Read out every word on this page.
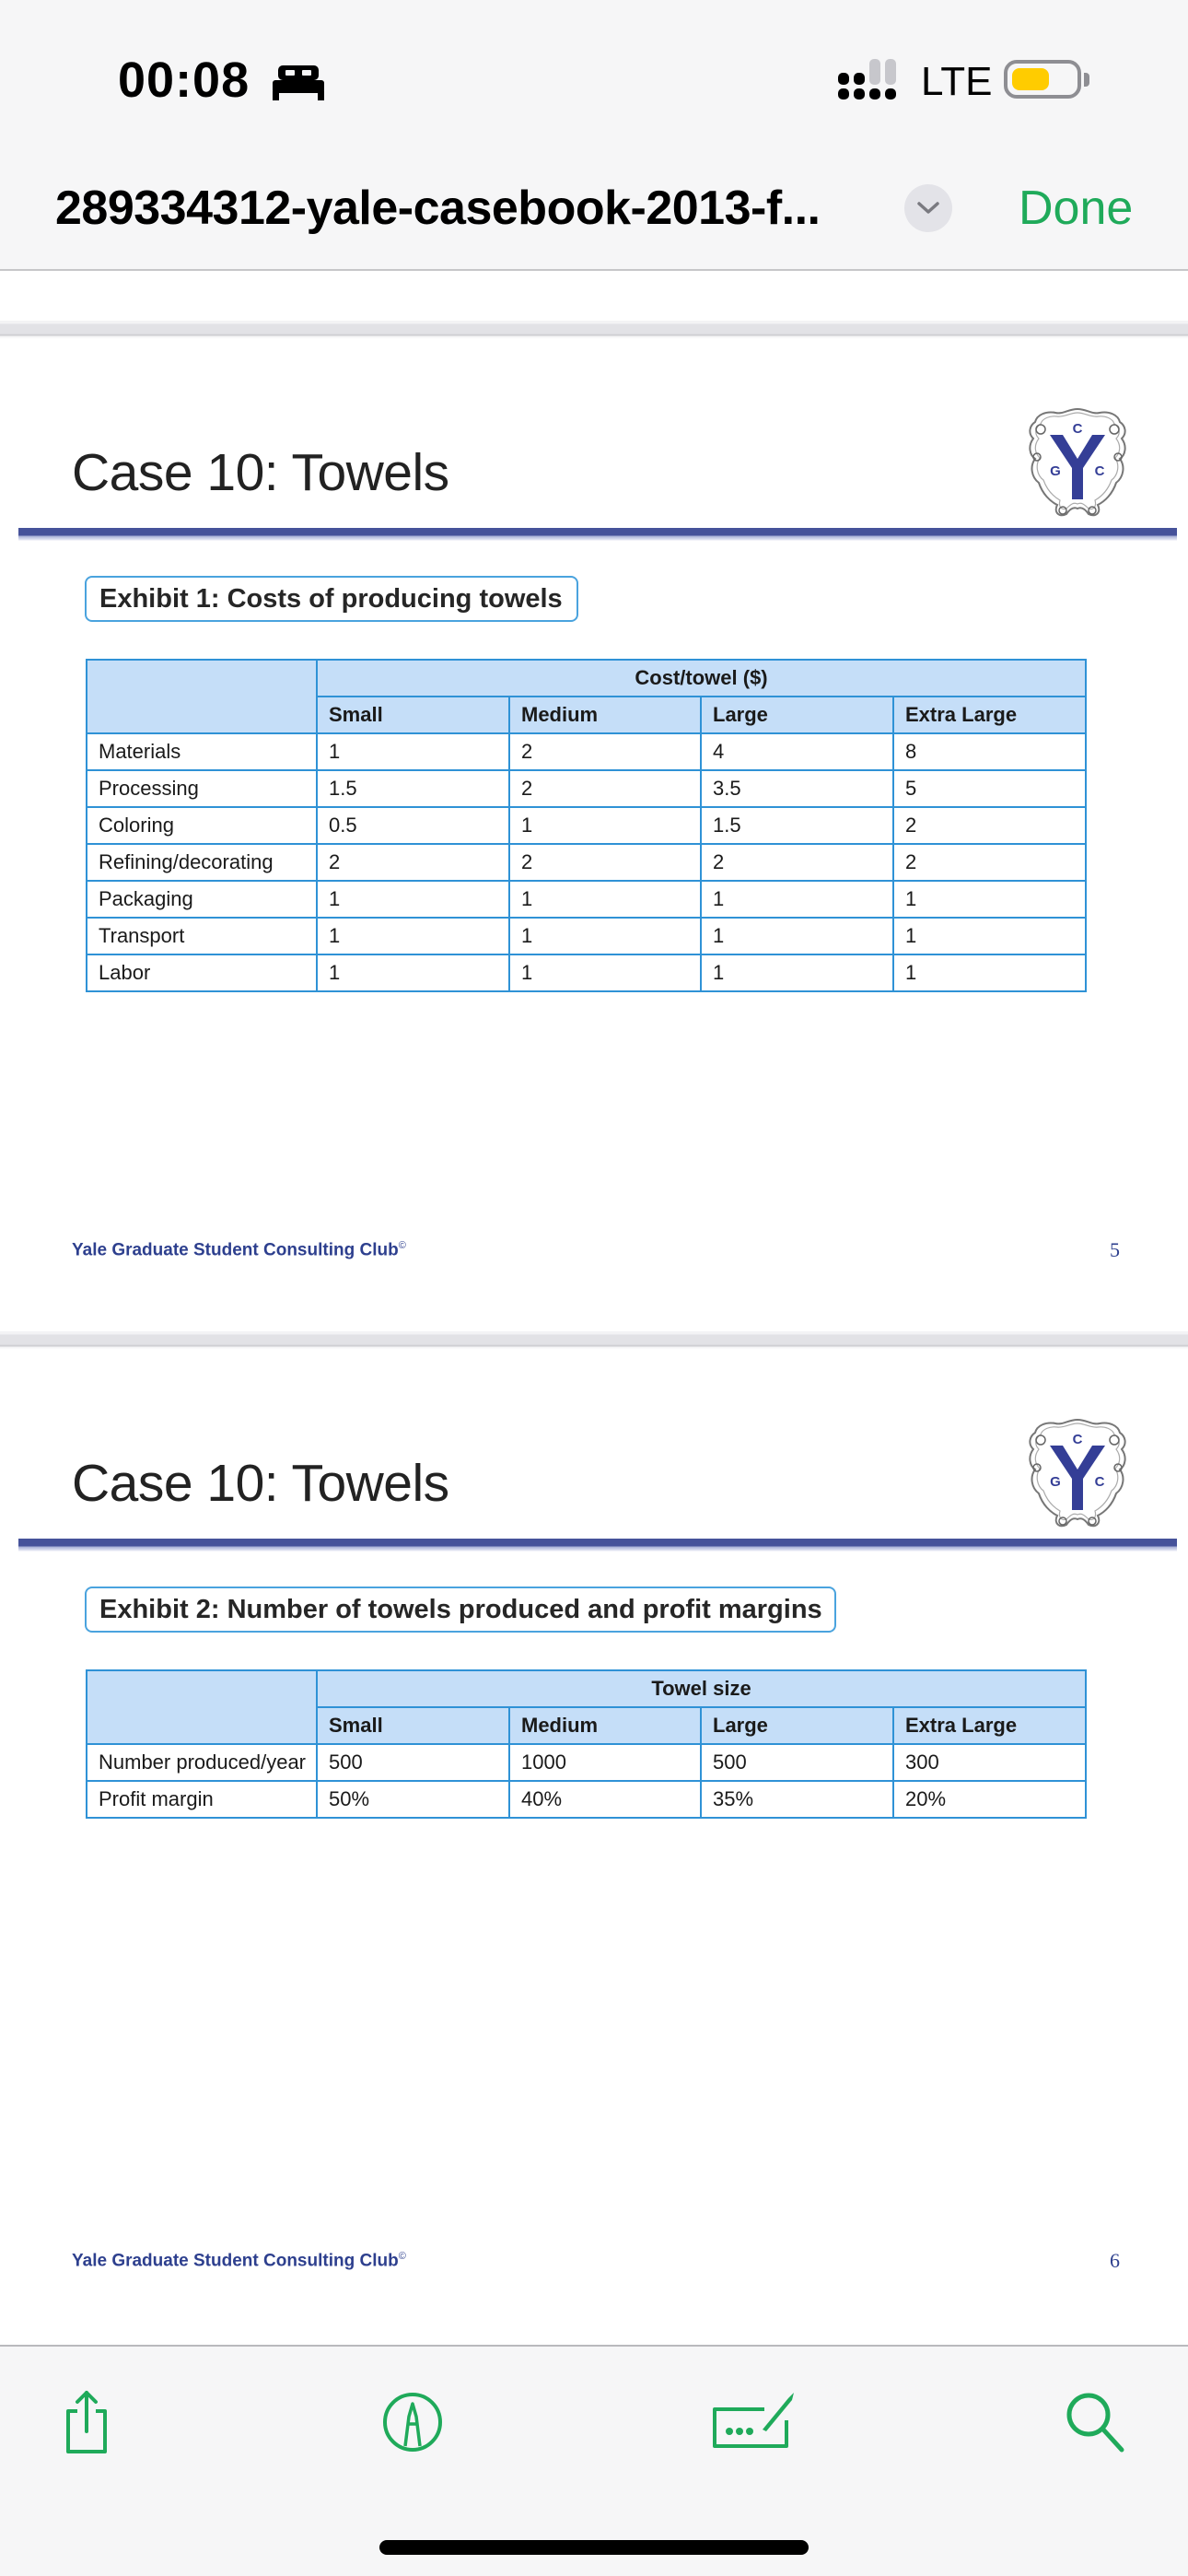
00:08	LTE
289334312-yale-casebook-2013-f...	Done
Case 10: Towels
C
G C
Exhibit 1: Costs of producing towels
	Cost/towel ($)			
	Small	Medium	Large	Extra Large
Materials	1	2	4	8
Processing	1.5	2	3.5	5
Coloring	0.5	1	1.5	2
Refining/decorating	2	2	2	2
Packaging	1	1	1	1
Transport	1	1	1	1
Labor	1	1	1	1
Yale Graduate Student Consulting Club©	5
Case 10: Towels
C
G C
Exhibit 2: Number of towels produced and profit margins
	Towel size			
	Small	Medium	Large	Extra Large
Number produced/year	500	1000	500	300
Profit margin	50%	40%	35%	20%
Yale Graduate Student Consulting Club©	6
